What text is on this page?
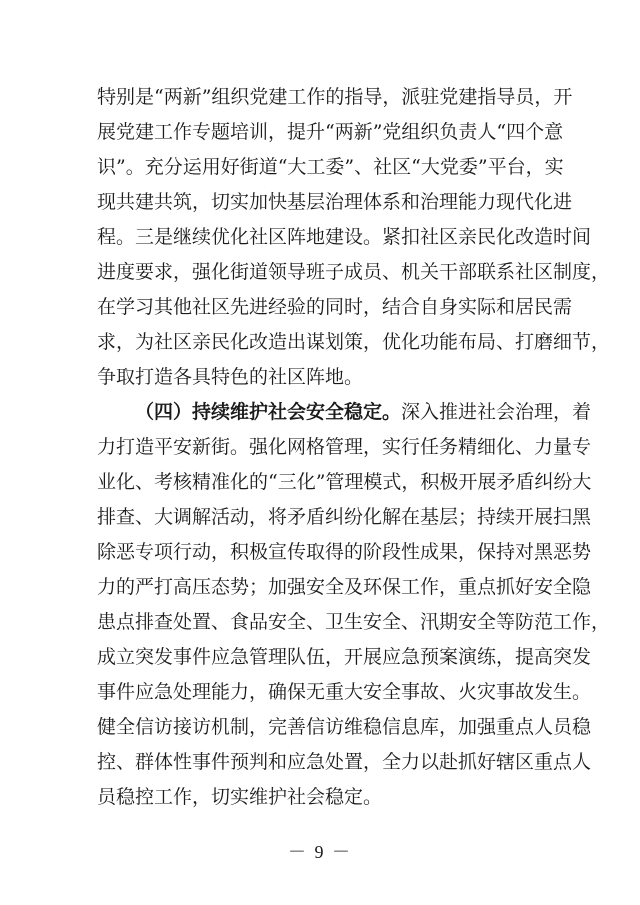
特别是“两新”组织党建工作的指导，派驻党建指导员，开
展党建工作专题培训，提升“两新”党组织负责人“四个意
识”。充分运用好街道“大工委”、社区“大党委”平台，实
现共建共筑，切实加快基层治理体系和治理能力现代化进
程。三是继续优化社区阵地建设。紧扣社区亲民化改造时间
进度要求，强化街道领导班子成员、机关干部联系社区制度，
在学习其他社区先进经验的同时，结合自身实际和居民需
求，为社区亲民化改造出谋划策，优化功能布局、打磨细节，
争取打造各具特色的社区阵地。
（四）持续维护社会安全稳定。深入推进社会治理，着
力打造平安新街。强化网格管理，实行任务精细化、力量专
业化、考核精准化的“三化”管理模式，积极开展矛盾纠纷大
排查、大调解活动，将矛盾纠纷化解在基层；持续开展扫黑
除恶专项行动，积极宣传取得的阶段性成果，保持对黑恶势
力的严打高压态势；加强安全及环保工作，重点抓好安全隐
患点排查处置、食品安全、卫生安全、汛期安全等防范工作，
成立突发事件应急管理队伍，开展应急预案演练，提高突发
事件应急处理能力，确保无重大安全事故、火灾事故发生。
健全信访接访机制，完善信访维稳信息库，加强重点人员稳
控、群体性事件预判和应急处置，全力以赴抓好辖区重点人
员稳控工作，切实维护社会稳定。
－ 9 －
